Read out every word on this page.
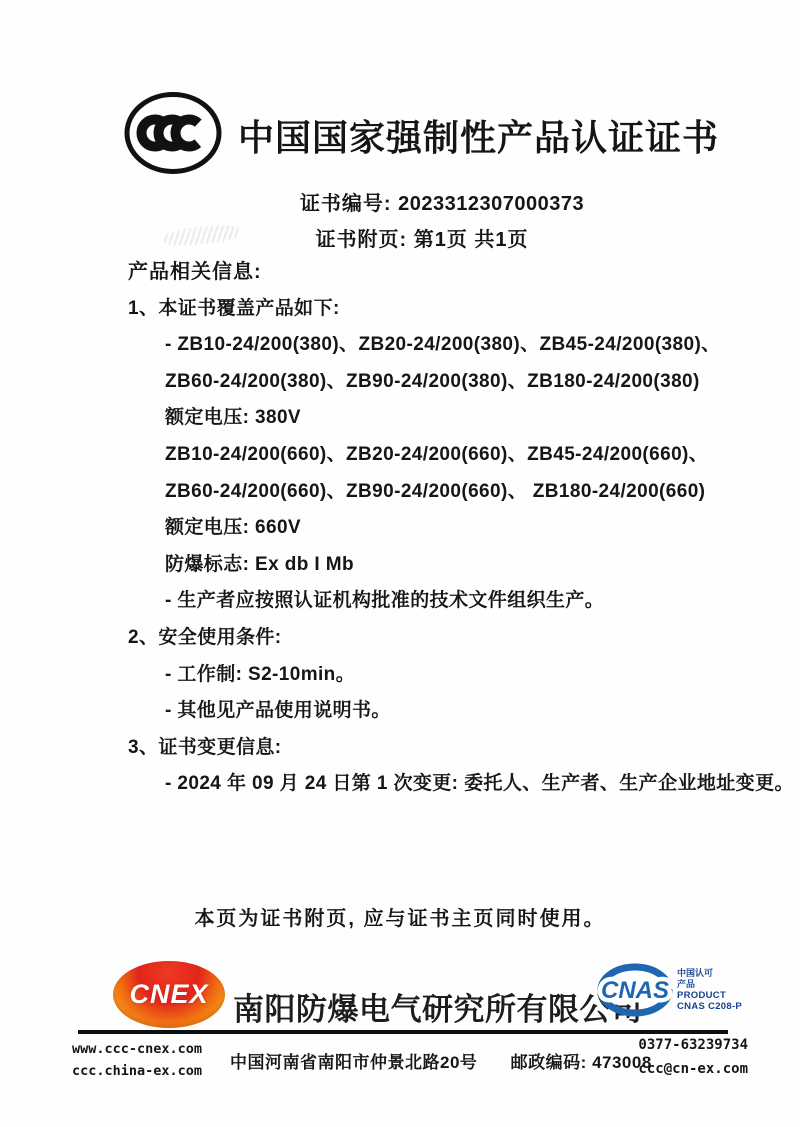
中国国家强制性产品认证证书
证书编号: 2023312307000373
证书附页: 第1页 共1页
产品相关信息:
1、本证书覆盖产品如下:
- ZB10-24/200(380)、ZB20-24/200(380)、ZB45-24/200(380)、
ZB60-24/200(380)、ZB90-24/200(380)、ZB180-24/200(380)
额定电压: 380V
ZB10-24/200(660)、ZB20-24/200(660)、ZB45-24/200(660)、
ZB60-24/200(660)、ZB90-24/200(660)、 ZB180-24/200(660)
额定电压: 660V
防爆标志: Ex db I Mb
- 生产者应按照认证机构批准的技术文件组织生产。
2、安全使用条件:
- 工作制: S2-10min。
- 其他见产品使用说明书。
3、证书变更信息:
- 2024 年 09 月 24 日第 1 次变更: 委托人、生产者、生产企业地址变更。
本页为证书附页, 应与证书主页同时使用。
CNEX 南阳防爆电气研究所有限公司
CNAS
中国认可
产品
PRODUCT
CNAS C208-P
www.ccc-cnex.com
ccc.china-ex.com	中国河南省南阳市仲景北路20号 邮政编码: 473008
0377-63239734
ccc@cn-ex.com
